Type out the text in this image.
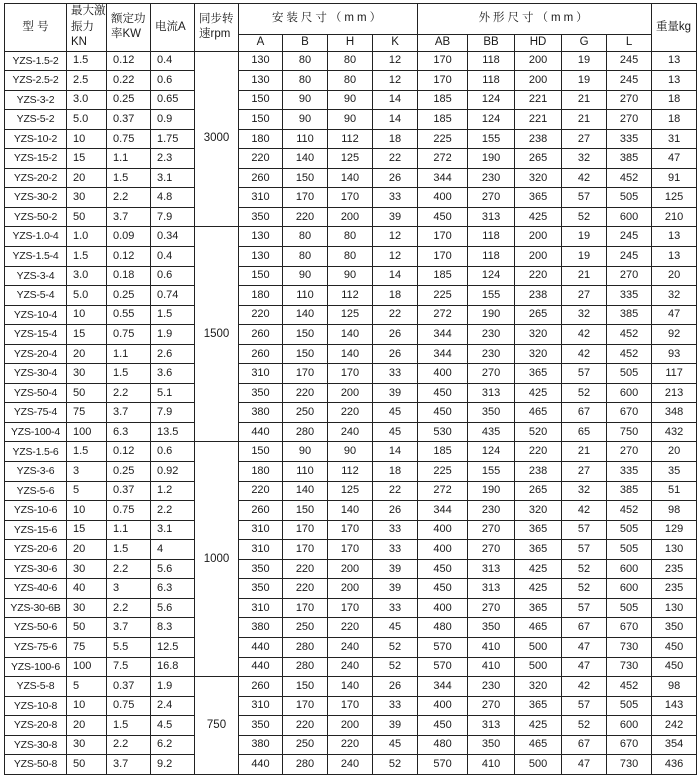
型 号	最大激振力KN	额定功率KW	电流A	同步转速rpm	安装尺寸（mm）				外形尺寸（mm）					重量kg
					A	B	H	K	AB	BB	HD	G	L	
YZS-1.5-2	1.5	0.12	0.4	3000	130	80	80	12	170	118	200	19	245	13
YZS-2.5-2	2.5	0.22	0.6		130	80	80	12	170	118	200	19	245	13
YZS-3-2	3.0	0.25	0.65		150	90	90	14	185	124	221	21	270	18
YZS-5-2	5.0	0.37	0.9		150	90	90	14	185	124	221	21	270	18
YZS-10-2	10	0.75	1.75		180	110	112	18	225	155	238	27	335	31
YZS-15-2	15	1.1	2.3		220	140	125	22	272	190	265	32	385	47
YZS-20-2	20	1.5	3.1		260	150	140	26	344	230	320	42	452	91
YZS-30-2	30	2.2	4.8		310	170	170	33	400	270	365	57	505	125
YZS-50-2	50	3.7	7.9		350	220	200	39	450	313	425	52	600	210
YZS-1.0-4	1.0	0.09	0.34	1500	130	80	80	12	170	118	200	19	245	13
YZS-1.5-4	1.5	0.12	0.4		130	80	80	12	170	118	200	19	245	13
YZS-3-4	3.0	0.18	0.6		150	90	90	14	185	124	220	21	270	20
YZS-5-4	5.0	0.25	0.74		180	110	112	18	225	155	238	27	335	32
YZS-10-4	10	0.55	1.5		220	140	125	22	272	190	265	32	385	47
YZS-15-4	15	0.75	1.9		260	150	140	26	344	230	320	42	452	92
YZS-20-4	20	1.1	2.6		260	150	140	26	344	230	320	42	452	93
YZS-30-4	30	1.5	3.6		310	170	170	33	400	270	365	57	505	117
YZS-50-4	50	2.2	5.1		350	220	200	39	450	313	425	52	600	213
YZS-75-4	75	3.7	7.9		380	250	220	45	450	350	465	67	670	348
YZS-100-4	100	6.3	13.5		440	280	240	45	530	435	520	65	750	432
YZS-1.5-6	1.5	0.12	0.6	1000	150	90	90	14	185	124	220	21	270	20
YZS-3-6	3	0.25	0.92		180	110	112	18	225	155	238	27	335	35
YZS-5-6	5	0.37	1.2		220	140	125	22	272	190	265	32	385	51
YZS-10-6	10	0.75	2.2		260	150	140	26	344	230	320	42	452	98
YZS-15-6	15	1.1	3.1		310	170	170	33	400	270	365	57	505	129
YZS-20-6	20	1.5	4		310	170	170	33	400	270	365	57	505	130
YZS-30-6	30	2.2	5.6		350	220	200	39	450	313	425	52	600	235
YZS-40-6	40	3	6.3		350	220	200	39	450	313	425	52	600	235
YZS-30-6B	30	2.2	5.6		310	170	170	33	400	270	365	57	505	130
YZS-50-6	50	3.7	8.3		380	250	220	45	480	350	465	67	670	350
YZS-75-6	75	5.5	12.5		440	280	240	52	570	410	500	47	730	450
YZS-100-6	100	7.5	16.8		440	280	240	52	570	410	500	47	730	450
YZS-5-8	5	0.37	1.9	750	260	150	140	26	344	230	320	42	452	98
YZS-10-8	10	0.75	2.4		310	170	170	33	400	270	365	57	505	143
YZS-20-8	20	1.5	4.5		350	220	200	39	450	313	425	52	600	242
YZS-30-8	30	2.2	6.2		380	250	220	45	480	350	465	67	670	354
YZS-50-8	50	3.7	9.2		440	280	240	52	570	410	500	47	730	436
